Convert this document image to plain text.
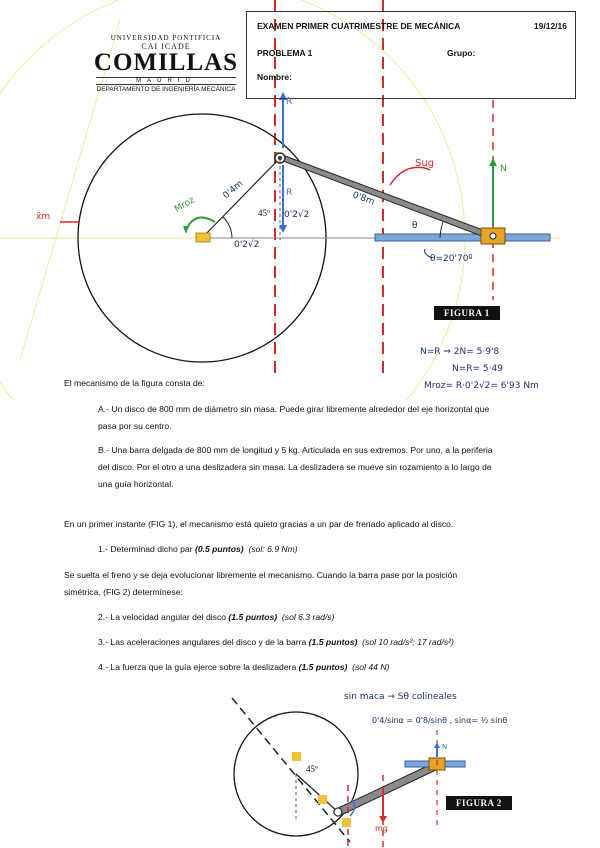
UNIVERSIDAD PONTIFICIA
CAI ICADE
COMILLAS
MADRID
DEPARTAMENTO DE INGENIERÍA MECÁNICA
EXAMEN PRIMER CUATRIMESTRE DE MECÁNICA	19/12/16
PROBLEMA 1	Grupo:
Nombre:
R
R
N
Sug
ẍm
Mroz
0'4m
45º 0'2√2
0'2√2
0'8m
θ
θ=20'70º
N=R ⇒ 2N= 5·9'8
N=R= 5·49
Mroz= R·0'2√2= 6'93 Nm
FIGURA 1
El mecanismo de la figura consta de:
A.- Un disco de 800 mm de diámetro sin masa. Puede girar libremente alrededor del eje horizontal que
pasa por su centro.
B.- Una barra delgada de 800 mm de longitud y 5 kg. Articulada en sus extremos. Por uno, a la periferia
del disco. Por el otro a una deslizadera sin masa. La deslizadera se mueve sin rozamiento a lo largo de
una guía horizontal.
En un primer instante (FIG 1), el mecanismo está quieto gracias a un par de frenado aplicado al disco.
1.- Determinad dicho par (0.5 puntos) (sol: 6.9 Nm)
Se suelta el freno y se deja evolucionar libremente el mecanismo. Cuando la barra pase por la posición
simétrica, (FIG 2) determínese:
2.- La velocidad angular del disco (1.5 puntos) (sol 6.3 rad/s)
3.- Las aceleraciones angulares del disco y de la barra (1.5 puntos) (sol 10 rad/s²; 17 rad/s²)
4.- La fuerza que la guía ejerce sobre la deslizadera (1.5 puntos) (sol 44 N)
sin maca → Sθ colineales
0'4/sinα = 0'8/sinθ , sinα= ½ sinθ
45º
mg
N
FIGURA 2
